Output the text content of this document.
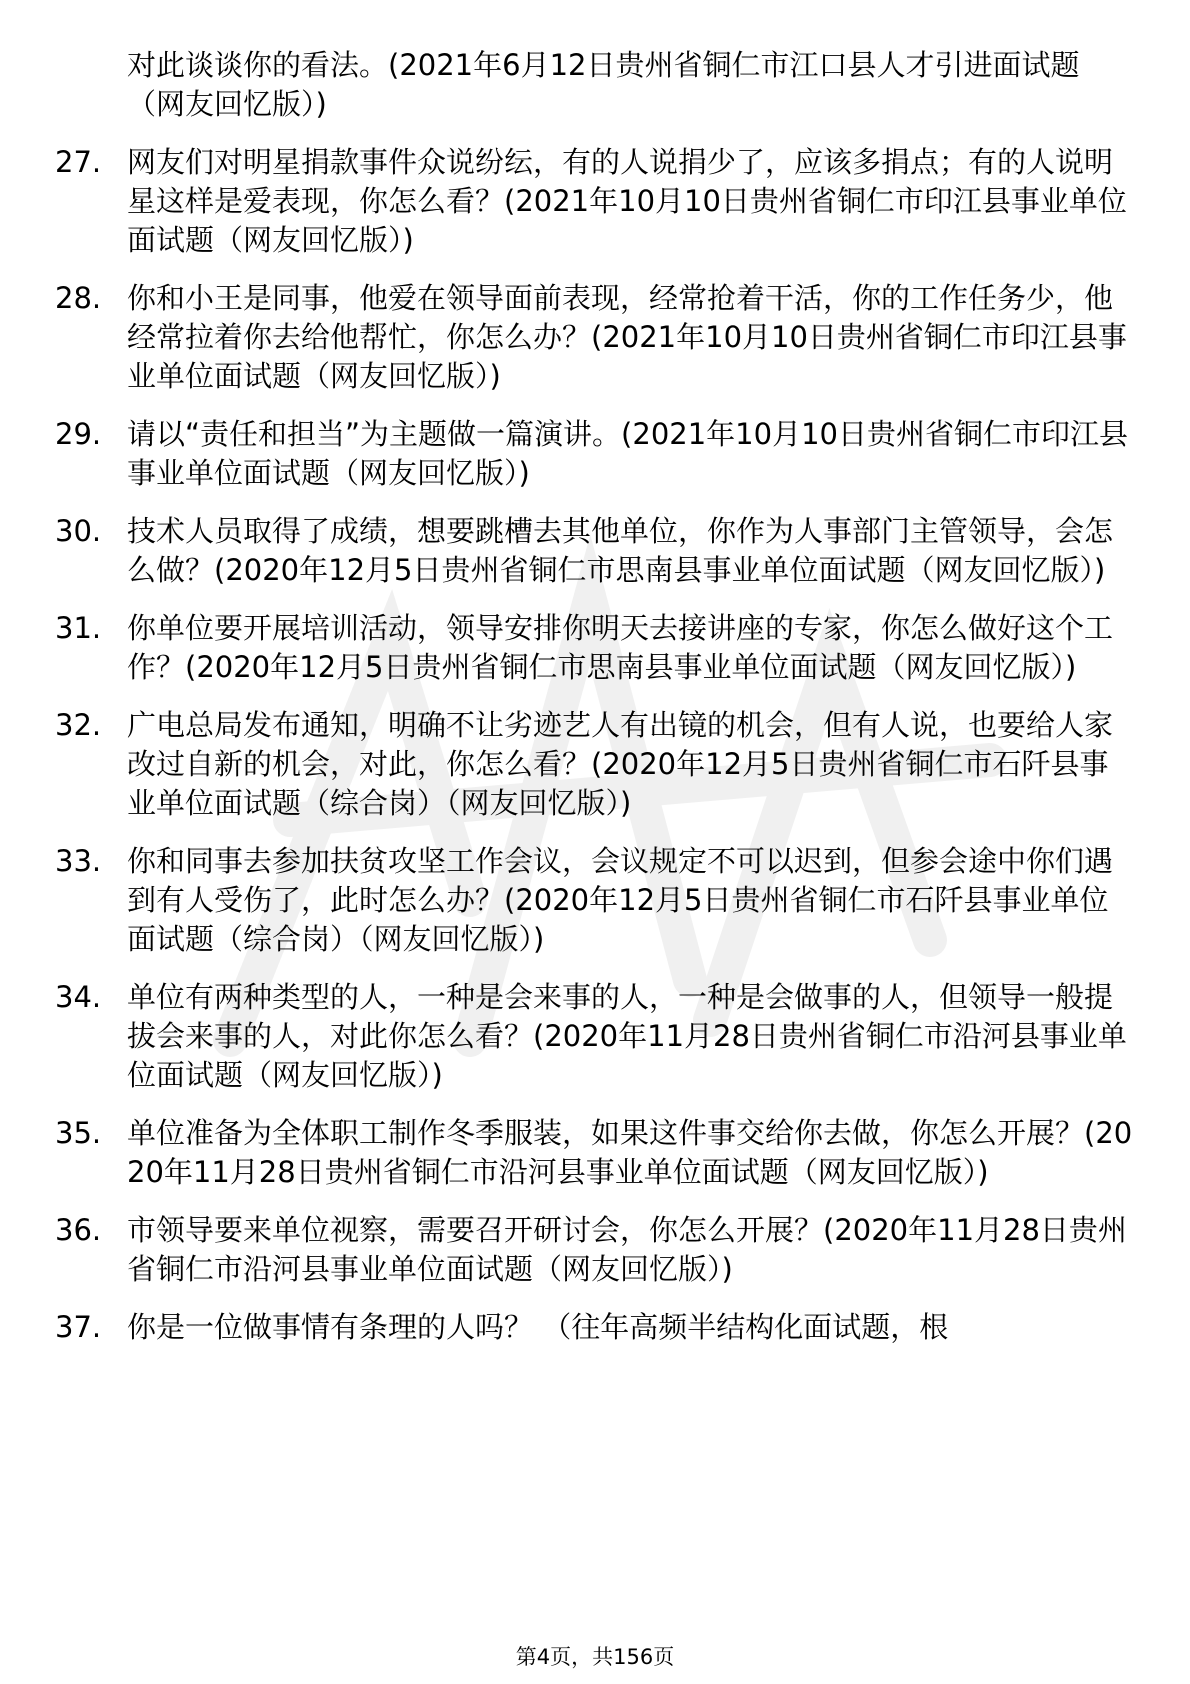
对此谈谈你的看法。(2021年6月12日贵州省铜仁市江口县人才引进面试题（网友回忆版）)
27. 网友们对明星捐款事件众说纷纭，有的人说捐少了，应该多捐点；有的人说明星这样是爱表现，你怎么看？(2021年10月10日贵州省铜仁市印江县事业单位面试题（网友回忆版）)
28. 你和小王是同事，他爱在领导面前表现，经常抢着干活，你的工作任务少，他经常拉着你去给他帮忙，你怎么办？(2021年10月10日贵州省铜仁市印江县事业单位面试题（网友回忆版）)
29. 请以“责任和担当”为主题做一篇演讲。(2021年10月10日贵州省铜仁市印江县事业单位面试题（网友回忆版）)
30. 技术人员取得了成绩，想要跳槽去其他单位，你作为人事部门主管领导，会怎么做？(2020年12月5日贵州省铜仁市思南县事业单位面试题（网友回忆版）)
31. 你单位要开展培训活动，领导安排你明天去接讲座的专家，你怎么做好这个工作？(2020年12月5日贵州省铜仁市思南县事业单位面试题（网友回忆版）)
32. 广电总局发布通知，明确不让劣迹艺人有出镜的机会，但有人说，也要给人家改过自新的机会，对此，你怎么看？(2020年12月5日贵州省铜仁市石阡县事业单位面试题（综合岗）（网友回忆版）)
33. 你和同事去参加扶贫攻坚工作会议，会议规定不可以迟到，但参会途中你们遇到有人受伤了，此时怎么办？(2020年12月5日贵州省铜仁市石阡县事业单位面试题（综合岗）（网友回忆版）)
34. 单位有两种类型的人，一种是会来事的人，一种是会做事的人，但领导一般提拔会来事的人，对此你怎么看？(2020年11月28日贵州省铜仁市沿河县事业单位面试题（网友回忆版）)
35. 单位准备为全体职工制作冬季服装，如果这件事交给你去做，你怎么开展？(2020年11月28日贵州省铜仁市沿河县事业单位面试题（网友回忆版）)
36. 市领导要来单位视察，需要召开研讨会，你怎么开展？(2020年11月28日贵州省铜仁市沿河县事业单位面试题（网友回忆版）)
37. 你是一位做事情有条理的人吗？ （往年高频半结构化面试题，根
第4页，共156页
